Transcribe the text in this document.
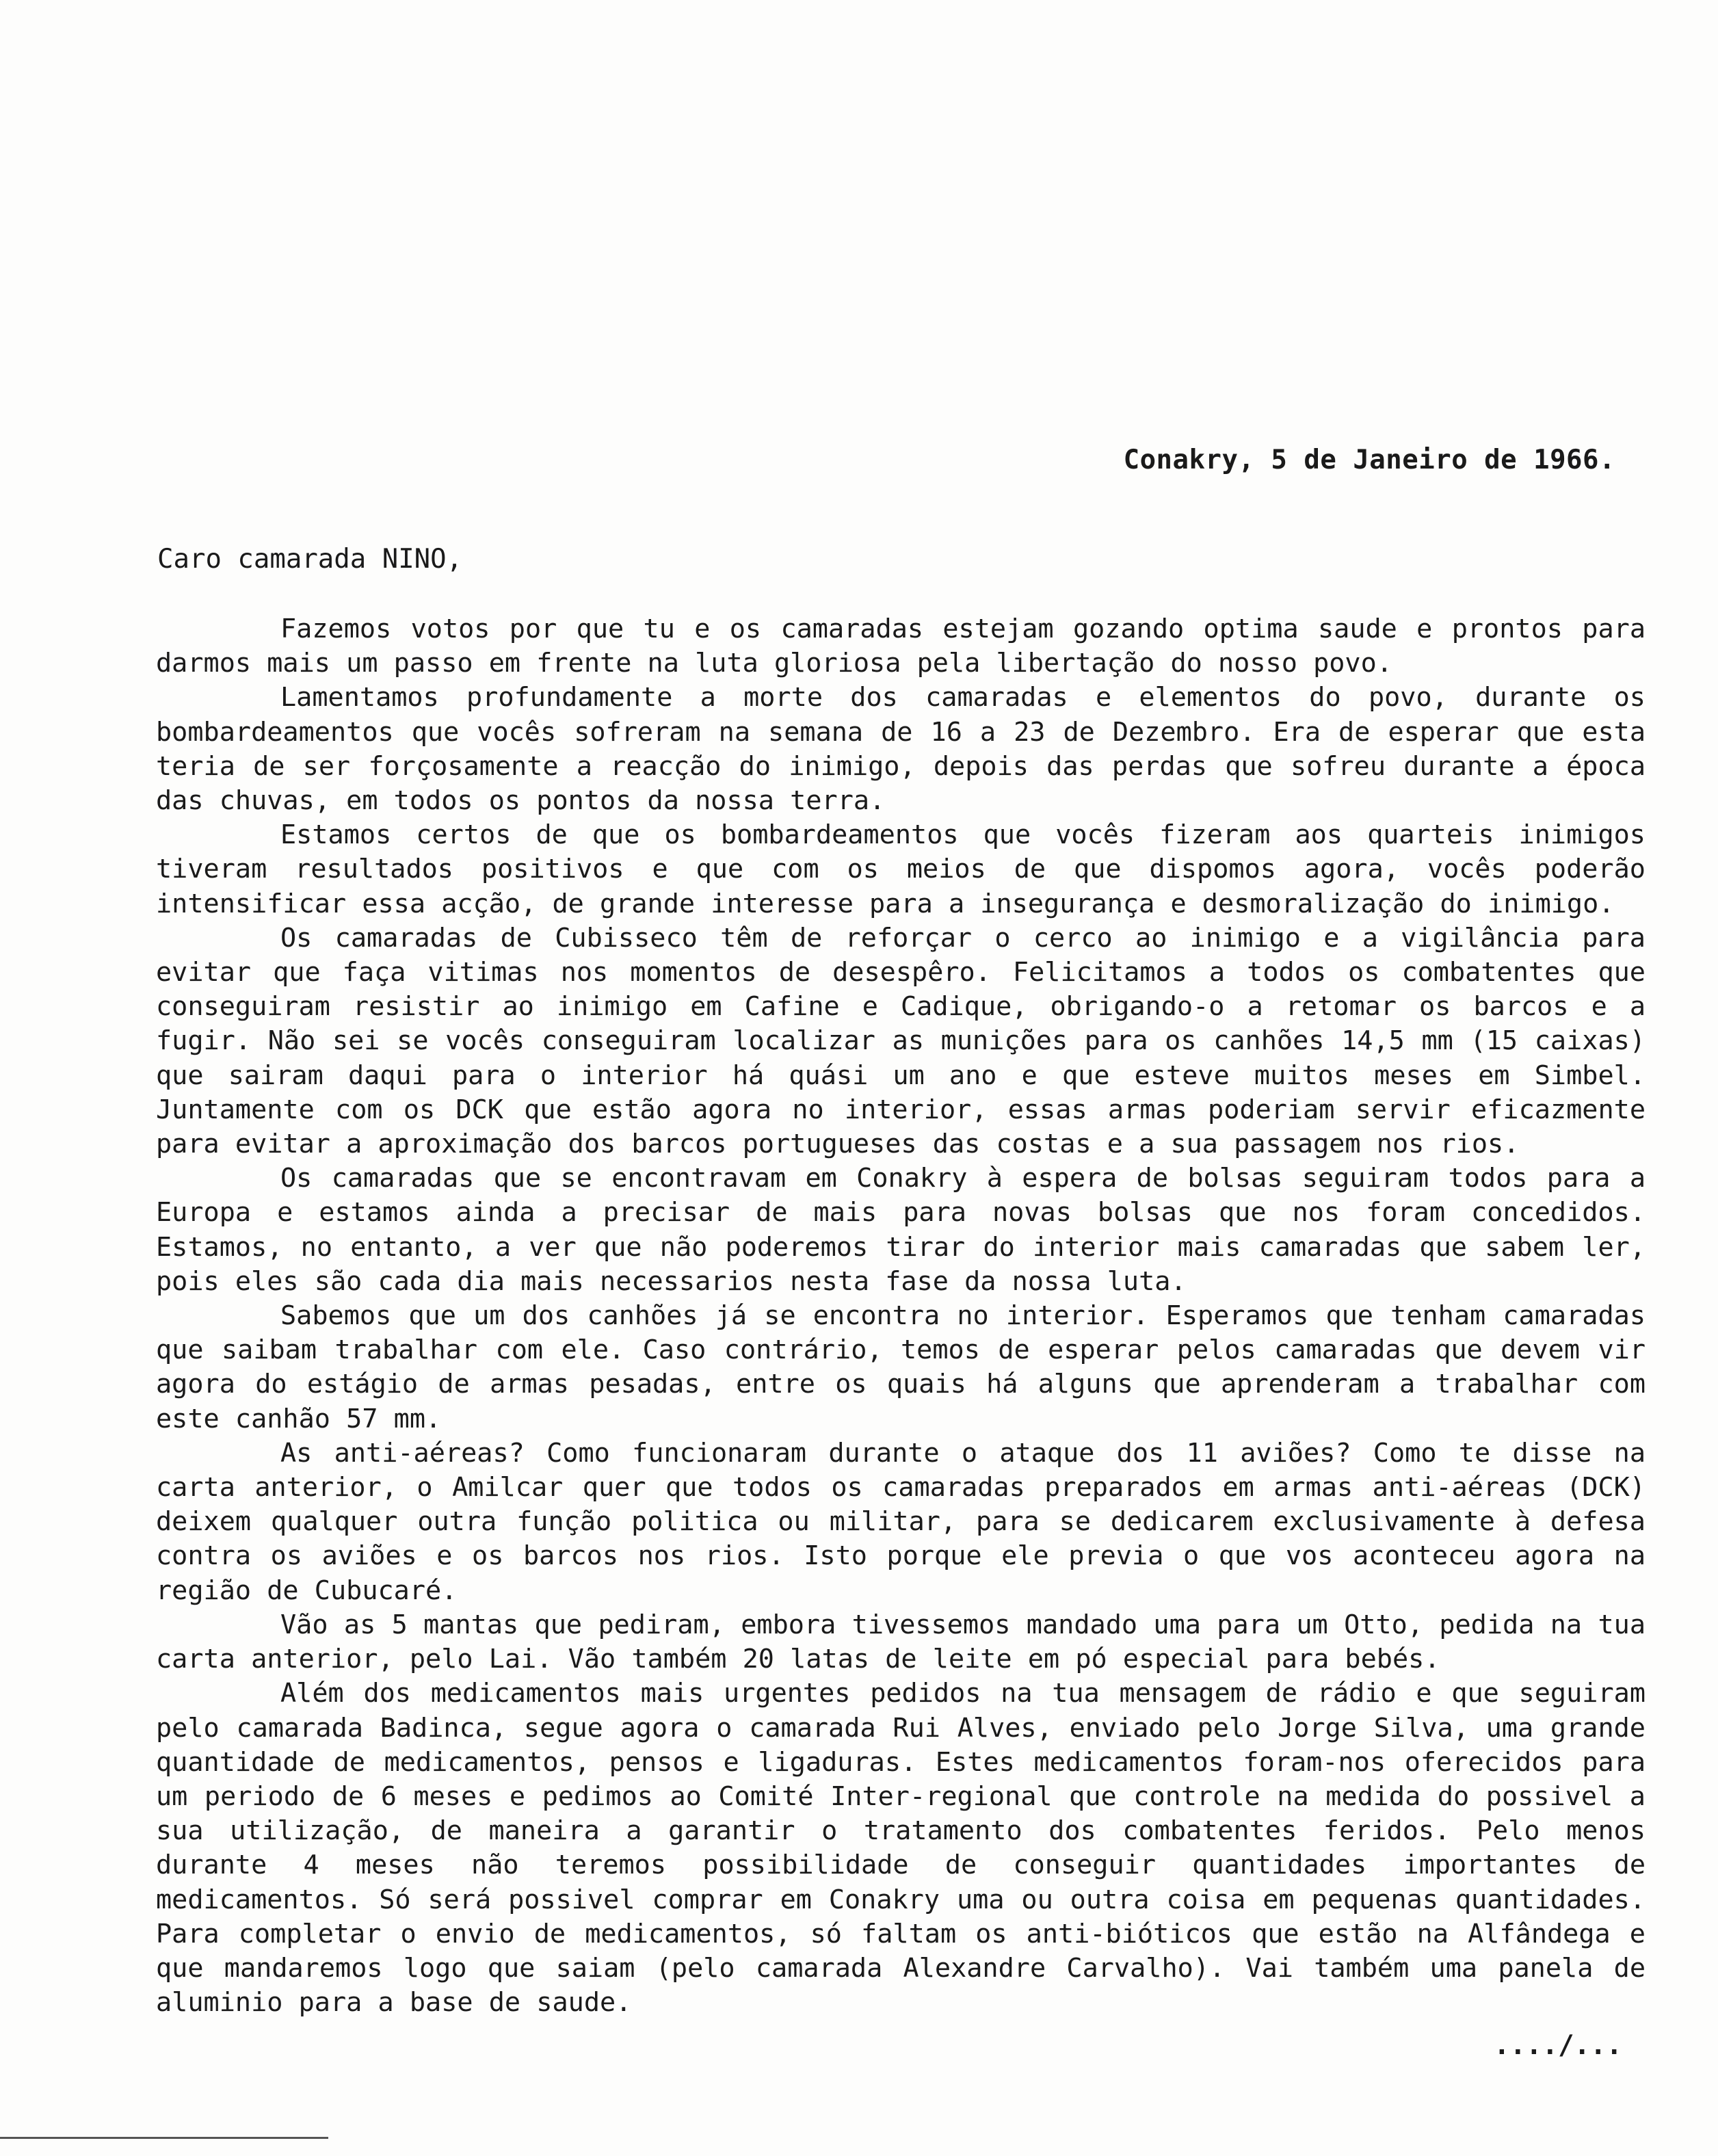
Conakry, 5 de Janeiro de 1966.
Caro camarada NINO,

Fazemos votos por que tu e os camaradas estejam gozando optima saude e prontos para darmos mais um passo em frente na luta gloriosa pela libertação do nosso povo.

Lamentamos profundamente a morte dos camaradas e elementos do povo, durante os bombardeamentos que vocês sofreram na semana de 16 a 23 de Dezembro. Era de esperar que esta teria de ser forçosamente a reacção do inimigo, depois das perdas que sofreu durante a época das chuvas, em todos os pontos da nossa terra.

Estamos certos de que os bombardeamentos que vocês fizeram aos quarteis inimigos tiveram resultados positivos e que com os meios de que dispomos agora, vocês poderão intensificar essa acção, de grande interesse para a insegurança e desmoralização do inimigo.

Os camaradas de Cubisseco têm de reforçar o cerco ao inimigo e a vigilância para evitar que faça vitimas nos momentos de desespêro. Felicitamos a todos os combatentes que conseguiram resistir ao inimigo em Cafine e Cadique, obrigando-o a retomar os barcos e a fugir. Não sei se vocês conseguiram localizar as munições para os canhões 14,5 mm (15 caixas) que sairam daqui para o interior há quási um ano e que esteve muitos meses em Simbel. Juntamente com os DCK que estão agora no interior, essas armas poderiam servir eficazmente para evitar a aproximação dos barcos portugueses das costas e a sua passagem nos rios.

Os camaradas que se encontravam em Conakry à espera de bolsas seguiram todos para a Europa e estamos ainda a precisar de mais para novas bolsas que nos foram concedidos. Estamos, no entanto, a ver que não poderemos tirar do interior mais camaradas que sabem ler, pois eles são cada dia mais necessarios nesta fase da nossa luta.

Sabemos que um dos canhões já se encontra no interior. Esperamos que tenham camaradas que saibam trabalhar com ele. Caso contrário, temos de esperar pelos camaradas que devem vir agora do estágio de armas pesadas, entre os quais há alguns que aprenderam a trabalhar com este canhão 57 mm.

As anti-aéreas? Como funcionaram durante o ataque dos 11 aviões? Como te disse na carta anterior, o Amilcar quer que todos os camaradas preparados em armas anti-aéreas (DCK) deixem qualquer outra função politica ou militar, para se dedicarem exclusivamente à defesa contra os aviões e os barcos nos rios. Isto porque ele previa o que vos aconteceu agora na região de Cubucaré.

Vão as 5 mantas que pediram, embora tivessemos mandado uma para um Otto, pedida na tua carta anterior, pelo Lai. Vão também 20 latas de leite em pó especial para bebés.

Além dos medicamentos mais urgentes pedidos na tua mensagem de rádio e que seguiram pelo camarada Badinca, segue agora o camarada Rui Alves, enviado pelo Jorge Silva, uma grande quantidade de medicamentos, pensos e ligaduras. Estes medicamentos foram-nos oferecidos para um periodo de 6 meses e pedimos ao Comité Inter-regional que controle na medida do possivel a sua utilização, de maneira a garantir o tratamento dos combatentes feridos. Pelo menos durante 4 meses não teremos possibilidade de conseguir quantidades importantes de medicamentos. Só será possivel comprar em Conakry uma ou outra coisa em pequenas quantidades. Para completar o envio de medicamentos, só faltam os anti-bióticos que estão na Alfândega e que mandaremos logo que saiam (pelo camarada Alexandre Carvalho). Vai também uma panela de aluminio para a base de saude.

..../...
